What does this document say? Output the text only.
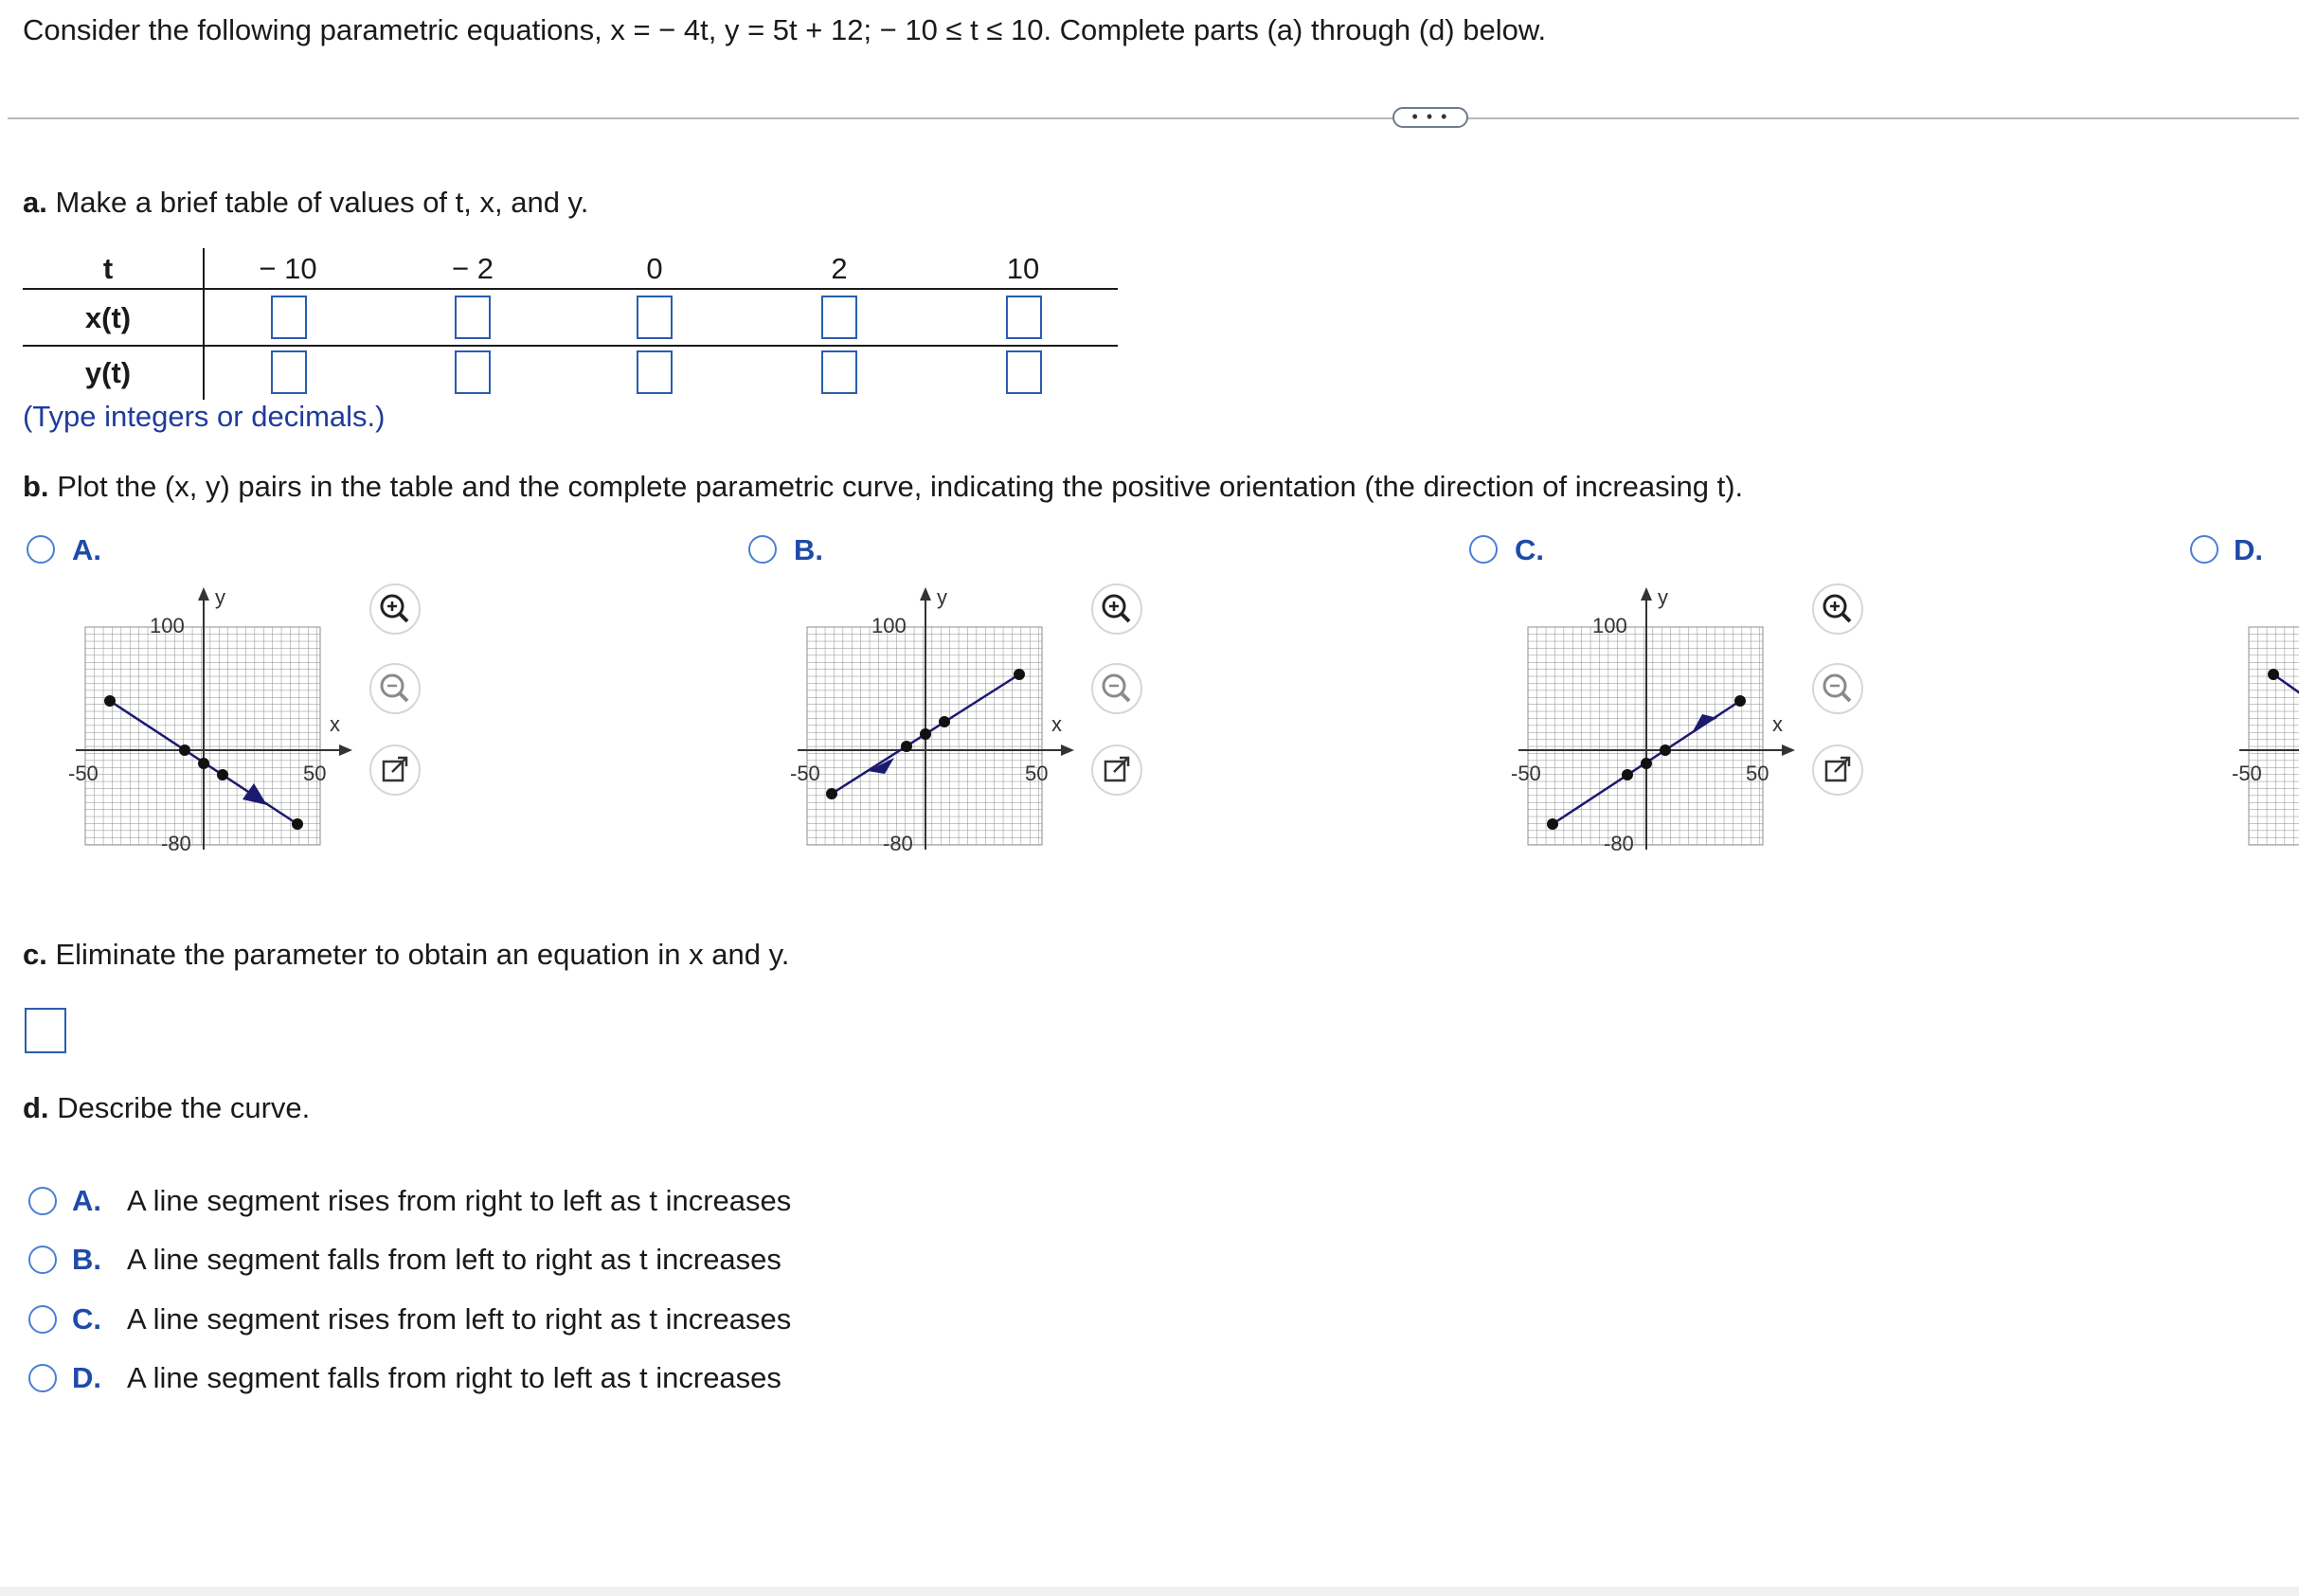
Consider the following parametric equations, x = − 4t, y = 5t + 12; − 10 ≤ t ≤ 10. Complete parts (a) through (d) below.
• • •
a. Make a brief table of values of t, x, and y.
t	− 10	− 2	0	2	10
x(t)
y(t)
(Type integers or decimals.)
b. Plot the (x, y) pairs in the table and the complete parametric curve, indicating the positive orientation (the direction of increasing t).
A.	B.	C.	D.
y
x
100
-80
-50	50
y
x
100
-80
-50	50
y
x
100
-80
-50	50	-50
c. Eliminate the parameter to obtain an equation in x and y.
d. Describe the curve.
A. A line segment rises from right to left as t increases
B. A line segment falls from left to right as t increases
C. A line segment rises from left to right as t increases
D. A line segment falls from right to left as t increases
